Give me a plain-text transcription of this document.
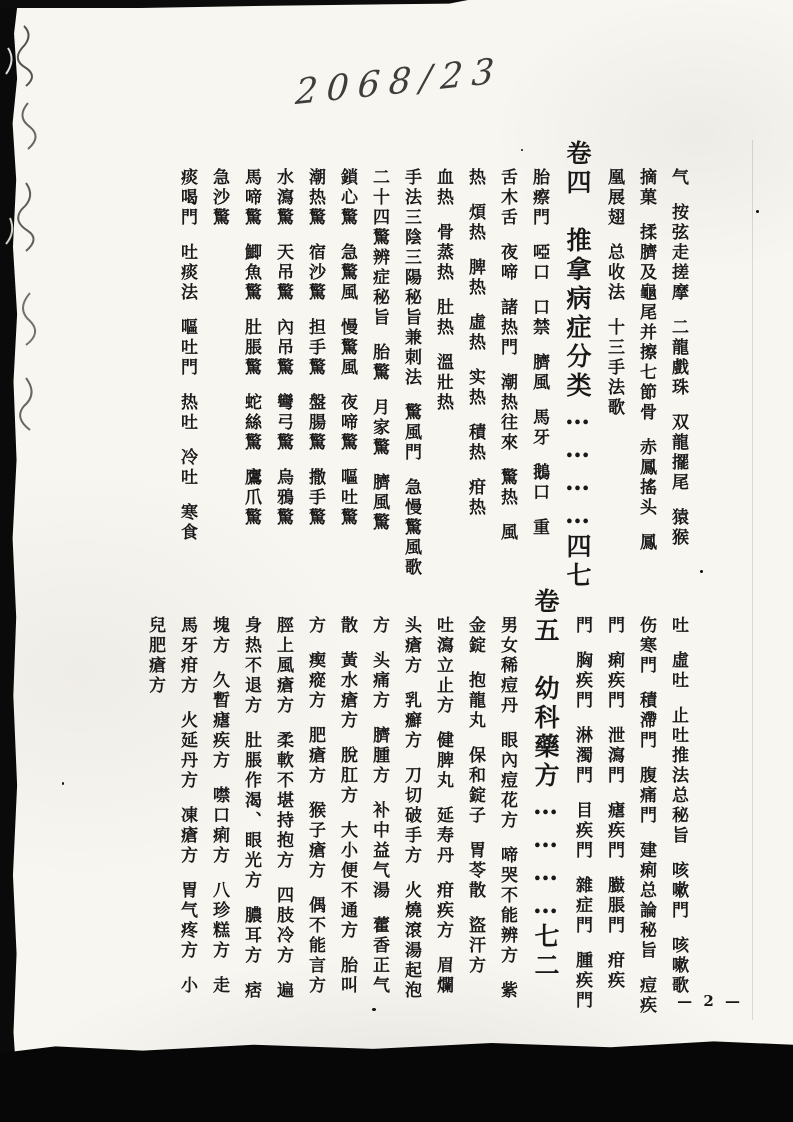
2068/23
气按弦走搓摩二龍戲珠双龍擺尾猿猴
摘菓揉臍及龜尾并擦七節骨赤鳳搖头鳳
凰展翅总收法十三手法歌
卷四　推拿病症分类…………四七
胎瘵門啞口口禁臍風馬牙鵝口重
舌木舌夜啼諸热門潮热往來驚热風
热煩热脾热虛热实热積热疳热
血热骨蒸热肚热溫壯热
手法三陰三陽秘旨兼刺法驚風門急慢驚風歌
二十四驚辨症秘旨胎驚月家驚臍風驚
鎖心驚急驚風慢驚風夜啼驚嘔吐驚
潮热驚宿沙驚担手驚盤腸驚撒手驚
水瀉驚天吊驚內吊驚彎弓驚烏鴉驚
馬啼驚鯽魚驚肚脹驚蛇絲驚鷹爪驚
急沙驚
痰喝門吐痰法嘔吐門热吐冷吐寒食
吐虛吐止吐推法总秘旨咳嗽門咳嗽歌
伤寒門積滯門腹痛門建痢总論秘旨痘疾
門痢疾門泄瀉門瘧疾門臌脹門疳疾
門胸疾門淋濁門目疾門雜症門腫疾門
卷五　幼科藥方…………七二
男女稀痘丹眼內痘花方啼哭不能辨方紫
金錠抱龍丸保和錠子胃苓散盜汗方
吐瀉立止方健脾丸延寿丹疳疾方眉爛
头瘡方乳癬方刀切破手方火燒滾湯起泡
方头痛方臍腫方补中益气湯藿香正气
散黃水瘡方脫肛方大小便不通方胎叫
方瘈瘲方肥瘡方猴子瘡方偶不能言方
脛上風瘡方柔軟不堪持抱方四肢冷方遍
身热不退方肚脹作渴、眼光方膿耳方痞
塊方久暫瘧疾方噤口痢方八珍糕方走
馬牙疳方火延丹方凍瘡方胃气疼方小
兒肥瘡方
— 2 —
